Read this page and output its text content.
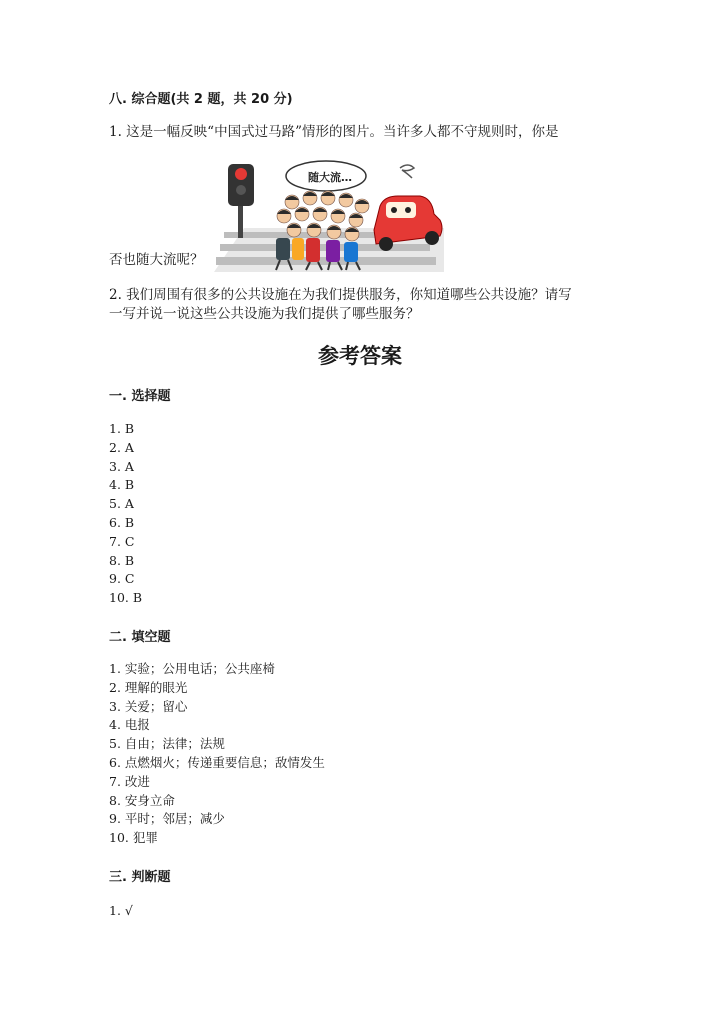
八. 综合题(共 2 题，共 20 分)
1. 这是一幅反映“中国式过马路”情形的图片。当许多人都不守规则时，你是
随大流…
否也随大流呢？
2. 我们周围有很多的公共设施在为我们提供服务，你知道哪些公共设施？请写
一写并说一说这些公共设施为我们提供了哪些服务？
参考答案
一. 选择题
1. B
2. A
3. A
4. B
5. A
6. B
7. C
8. B
9. C
10. B
二. 填空题
1. 实验；公用电话；公共座椅
2. 理解的眼光
3. 关爱；留心
4. 电报
5. 自由；法律；法规
6. 点燃烟火；传递重要信息；敌情发生
7. 改进
8. 安身立命
9. 平时；邻居；减少
10. 犯罪
三. 判断题
1. √
